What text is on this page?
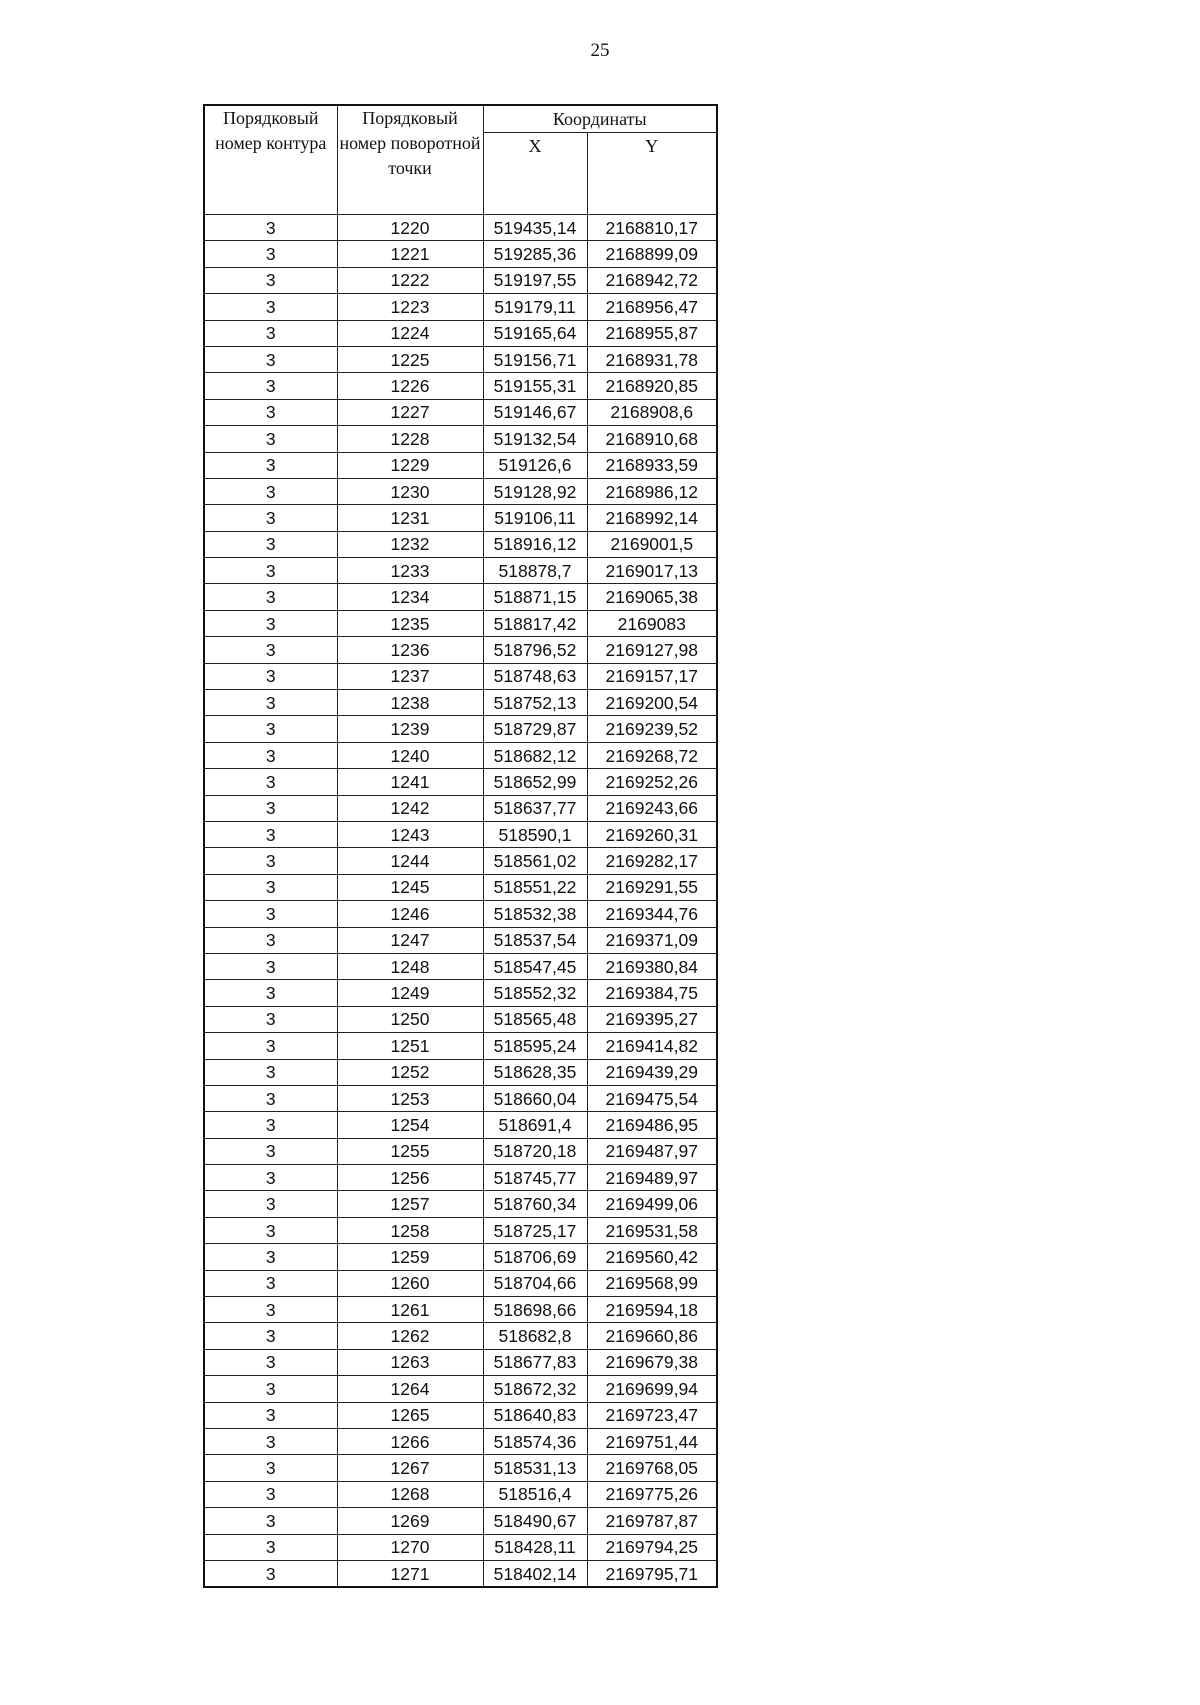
25
Порядковый номер контура	Порядковый номер поворотной точки	Координаты	
		X	Y
3	1220	519435,14	2168810,17
3	1221	519285,36	2168899,09
3	1222	519197,55	2168942,72
3	1223	519179,11	2168956,47
3	1224	519165,64	2168955,87
3	1225	519156,71	2168931,78
3	1226	519155,31	2168920,85
3	1227	519146,67	2168908,6
3	1228	519132,54	2168910,68
3	1229	519126,6	2168933,59
3	1230	519128,92	2168986,12
3	1231	519106,11	2168992,14
3	1232	518916,12	2169001,5
3	1233	518878,7	2169017,13
3	1234	518871,15	2169065,38
3	1235	518817,42	2169083
3	1236	518796,52	2169127,98
3	1237	518748,63	2169157,17
3	1238	518752,13	2169200,54
3	1239	518729,87	2169239,52
3	1240	518682,12	2169268,72
3	1241	518652,99	2169252,26
3	1242	518637,77	2169243,66
3	1243	518590,1	2169260,31
3	1244	518561,02	2169282,17
3	1245	518551,22	2169291,55
3	1246	518532,38	2169344,76
3	1247	518537,54	2169371,09
3	1248	518547,45	2169380,84
3	1249	518552,32	2169384,75
3	1250	518565,48	2169395,27
3	1251	518595,24	2169414,82
3	1252	518628,35	2169439,29
3	1253	518660,04	2169475,54
3	1254	518691,4	2169486,95
3	1255	518720,18	2169487,97
3	1256	518745,77	2169489,97
3	1257	518760,34	2169499,06
3	1258	518725,17	2169531,58
3	1259	518706,69	2169560,42
3	1260	518704,66	2169568,99
3	1261	518698,66	2169594,18
3	1262	518682,8	2169660,86
3	1263	518677,83	2169679,38
3	1264	518672,32	2169699,94
3	1265	518640,83	2169723,47
3	1266	518574,36	2169751,44
3	1267	518531,13	2169768,05
3	1268	518516,4	2169775,26
3	1269	518490,67	2169787,87
3	1270	518428,11	2169794,25
3	1271	518402,14	2169795,71
